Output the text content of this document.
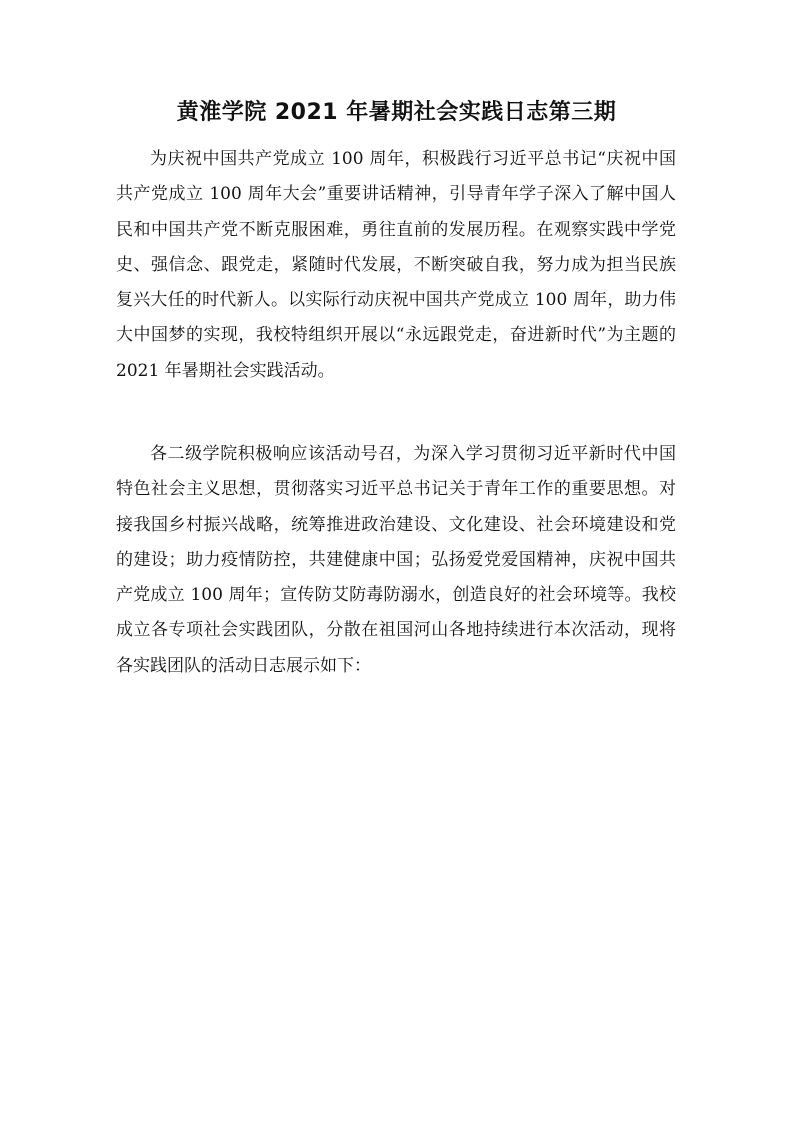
黄淮学院 2021 年暑期社会实践日志第三期

为庆祝中国共产党成立 100 周年，积极践行习近平总书记“庆祝中国共产党成立 100 周年大会”重要讲话精神，引导青年学子深入了解中国人民和中国共产党不断克服困难，勇往直前的发展历程。在观察实践中学党史、强信念、跟党走，紧随时代发展，不断突破自我，努力成为担当民族复兴大任的时代新人。以实际行动庆祝中国共产党成立 100 周年，助力伟大中国梦的实现，我校特组织开展以“永远跟党走，奋进新时代”为主题的 2021 年暑期社会实践活动。

各二级学院积极响应该活动号召，为深入学习贯彻习近平新时代中国特色社会主义思想，贯彻落实习近平总书记关于青年工作的重要思想。对接我国乡村振兴战略，统筹推进政治建设、文化建设、社会环境建设和党的建设；助力疫情防控，共建健康中国；弘扬爱党爱国精神，庆祝中国共产党成立 100 周年；宣传防艾防毒防溺水，创造良好的社会环境等。我校成立各专项社会实践团队，分散在祖国河山各地持续进行本次活动，现将各实践团队的活动日志展示如下：
